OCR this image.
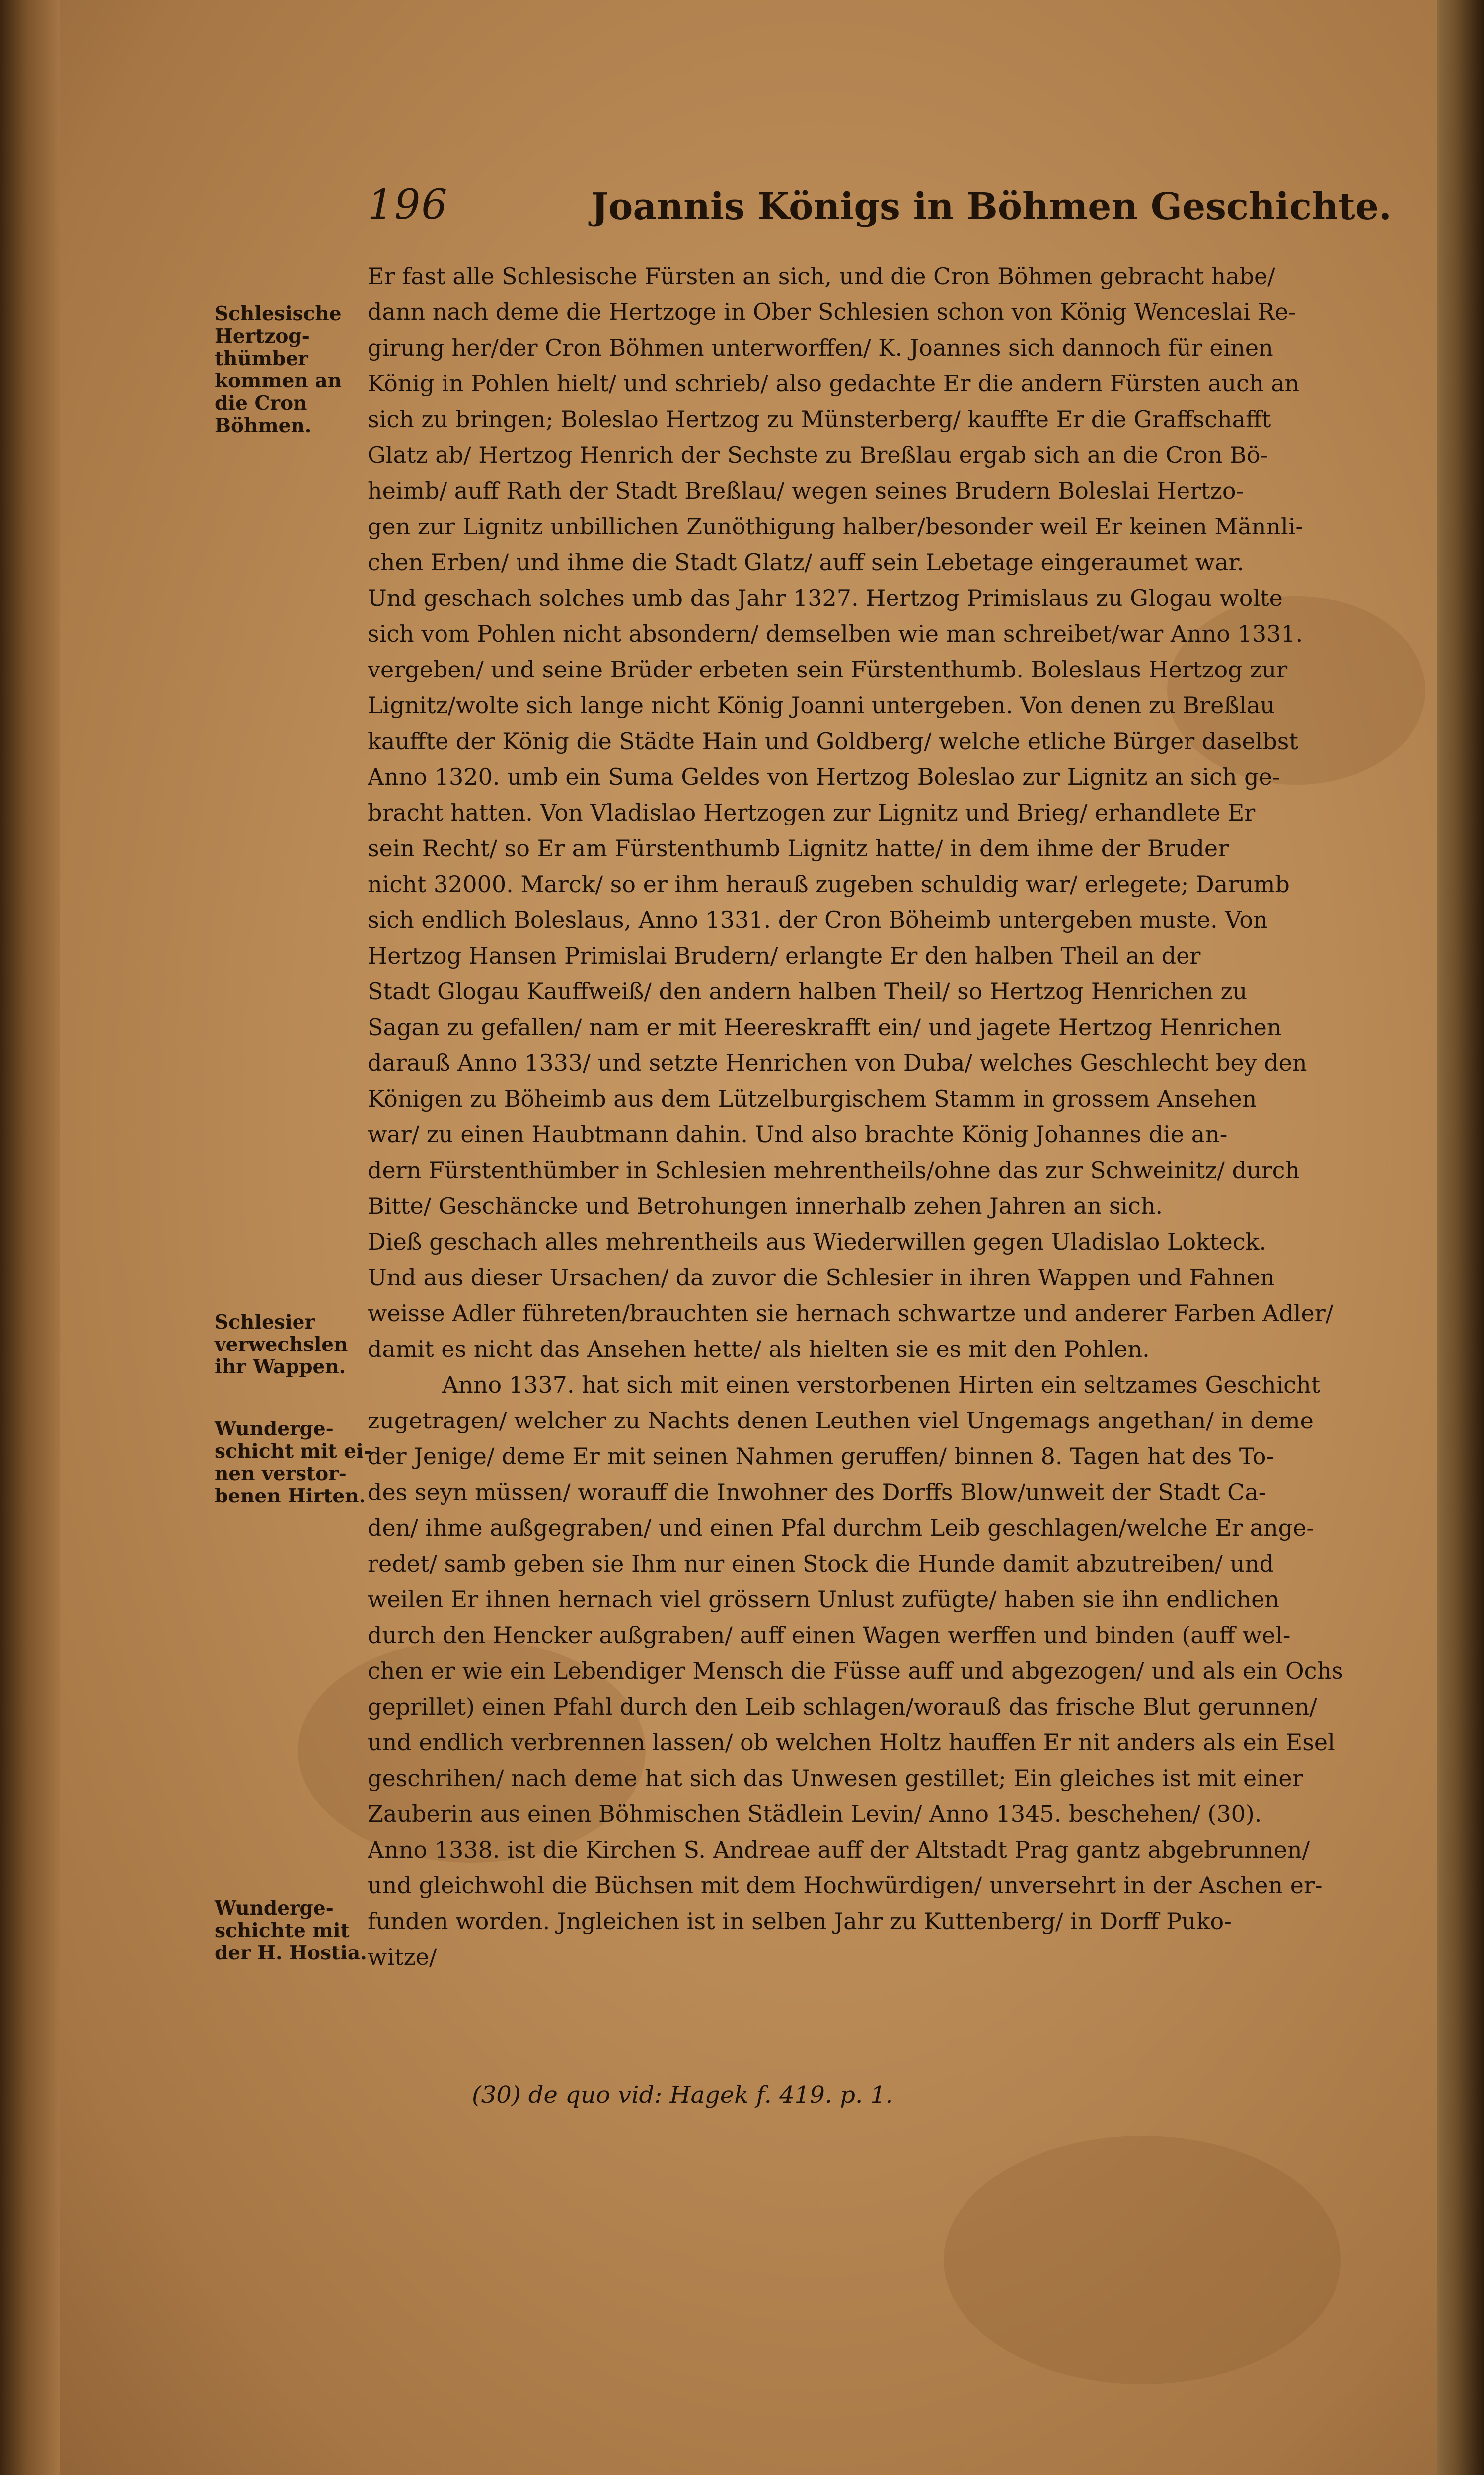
196	Joannis Königs in Böhmen Geschichte.
Schlesische
Hertzog-
thümber
kommen an
die Cron
Böhmen.
Schlesier
verwechslen
ihr Wappen.
Wunderge-
schicht mit ei-
nen verstor-
benen Hirten.
Wunderge-
schichte mit
der H. Hostia.
Er fast alle Schlesische Fürsten an sich, und die Cron Böhmen gebracht habe/
dann nach deme die Hertzoge in Ober Schlesien schon von König Wenceslai Re-
girung her/der Cron Böhmen unterworffen/ K. Joannes sich dannoch für einen
König in Pohlen hielt/ und schrieb/ also gedachte Er die andern Fürsten auch an
sich zu bringen; Boleslao Hertzog zu Münsterberg/ kauffte Er die Graffschafft
Glatz ab/ Hertzog Henrich der Sechste zu Breßlau ergab sich an die Cron Bö-
heimb/ auff Rath der Stadt Breßlau/ wegen seines Brudern Boleslai Hertzo-
gen zur Lignitz unbillichen Zunöthigung halber/besonder weil Er keinen Männli-
chen Erben/ und ihme die Stadt Glatz/ auff sein Lebetage eingeraumet war.
Und geschach solches umb das Jahr 1327. Hertzog Primislaus zu Glogau wolte
sich vom Pohlen nicht absondern/ demselben wie man schreibet/war Anno 1331.
vergeben/ und seine Brüder erbeten sein Fürstenthumb. Boleslaus Hertzog zur
Lignitz/wolte sich lange nicht König Joanni untergeben. Von denen zu Breßlau
kauffte der König die Städte Hain und Goldberg/ welche etliche Bürger daselbst
Anno 1320. umb ein Suma Geldes von Hertzog Boleslao zur Lignitz an sich ge-
bracht hatten. Von Vladislao Hertzogen zur Lignitz und Brieg/ erhandlete Er
sein Recht/ so Er am Fürstenthumb Lignitz hatte/ in dem ihme der Bruder
nicht 32000. Marck/ so er ihm herauß zugeben schuldig war/ erlegete; Darumb
sich endlich Boleslaus, Anno 1331. der Cron Böheimb untergeben muste. Von
Hertzog Hansen Primislai Brudern/ erlangte Er den halben Theil an der
Stadt Glogau Kauffweiß/ den andern halben Theil/ so Hertzog Henrichen zu
Sagan zu gefallen/ nam er mit Heereskrafft ein/ und jagete Hertzog Henrichen
darauß Anno 1333/ und setzte Henrichen von Duba/ welches Geschlecht bey den
Königen zu Böheimb aus dem Lützelburgischem Stamm in grossem Ansehen
war/ zu einen Haubtmann dahin. Und also brachte König Johannes die an-
dern Fürstenthümber in Schlesien mehrentheils/ohne das zur Schweinitz/ durch
Bitte/ Geschäncke und Betrohungen innerhalb zehen Jahren an sich.
Dieß geschach alles mehrentheils aus Wiederwillen gegen Uladislao Lokteck.
Und aus dieser Ursachen/ da zuvor die Schlesier in ihren Wappen und Fahnen
weisse Adler führeten/brauchten sie hernach schwartze und anderer Farben Adler/
damit es nicht das Ansehen hette/ als hielten sie es mit den Pohlen.
Anno 1337. hat sich mit einen verstorbenen Hirten ein seltzames Geschicht
zugetragen/ welcher zu Nachts denen Leuthen viel Ungemags angethan/ in deme
der Jenige/ deme Er mit seinen Nahmen geruffen/ binnen 8. Tagen hat des To-
des seyn müssen/ worauff die Inwohner des Dorffs Blow/unweit der Stadt Ca-
den/ ihme außgegraben/ und einen Pfal durchm Leib geschlagen/welche Er ange-
redet/ samb geben sie Ihm nur einen Stock die Hunde damit abzutreiben/ und
weilen Er ihnen hernach viel grössern Unlust zufügte/ haben sie ihn endlichen
durch den Hencker außgraben/ auff einen Wagen werffen und binden (auff wel-
chen er wie ein Lebendiger Mensch die Füsse auff und abgezogen/ und als ein Ochs
geprillet) einen Pfahl durch den Leib schlagen/worauß das frische Blut gerunnen/
und endlich verbrennen lassen/ ob welchen Holtz hauffen Er nit anders als ein Esel
geschrihen/ nach deme hat sich das Unwesen gestillet; Ein gleiches ist mit einer
Zauberin aus einen Böhmischen Städlein Levin/ Anno 1345. beschehen/ (30).
Anno 1338. ist die Kirchen S. Andreae auff der Altstadt Prag gantz abgebrunnen/
und gleichwohl die Büchsen mit dem Hochwürdigen/ unversehrt in der Aschen er-
funden worden. Jngleichen ist in selben Jahr zu Kuttenberg/ in Dorff Puko-
witze/
(30) de quo vid: Hagek f. 419. p. 1.
